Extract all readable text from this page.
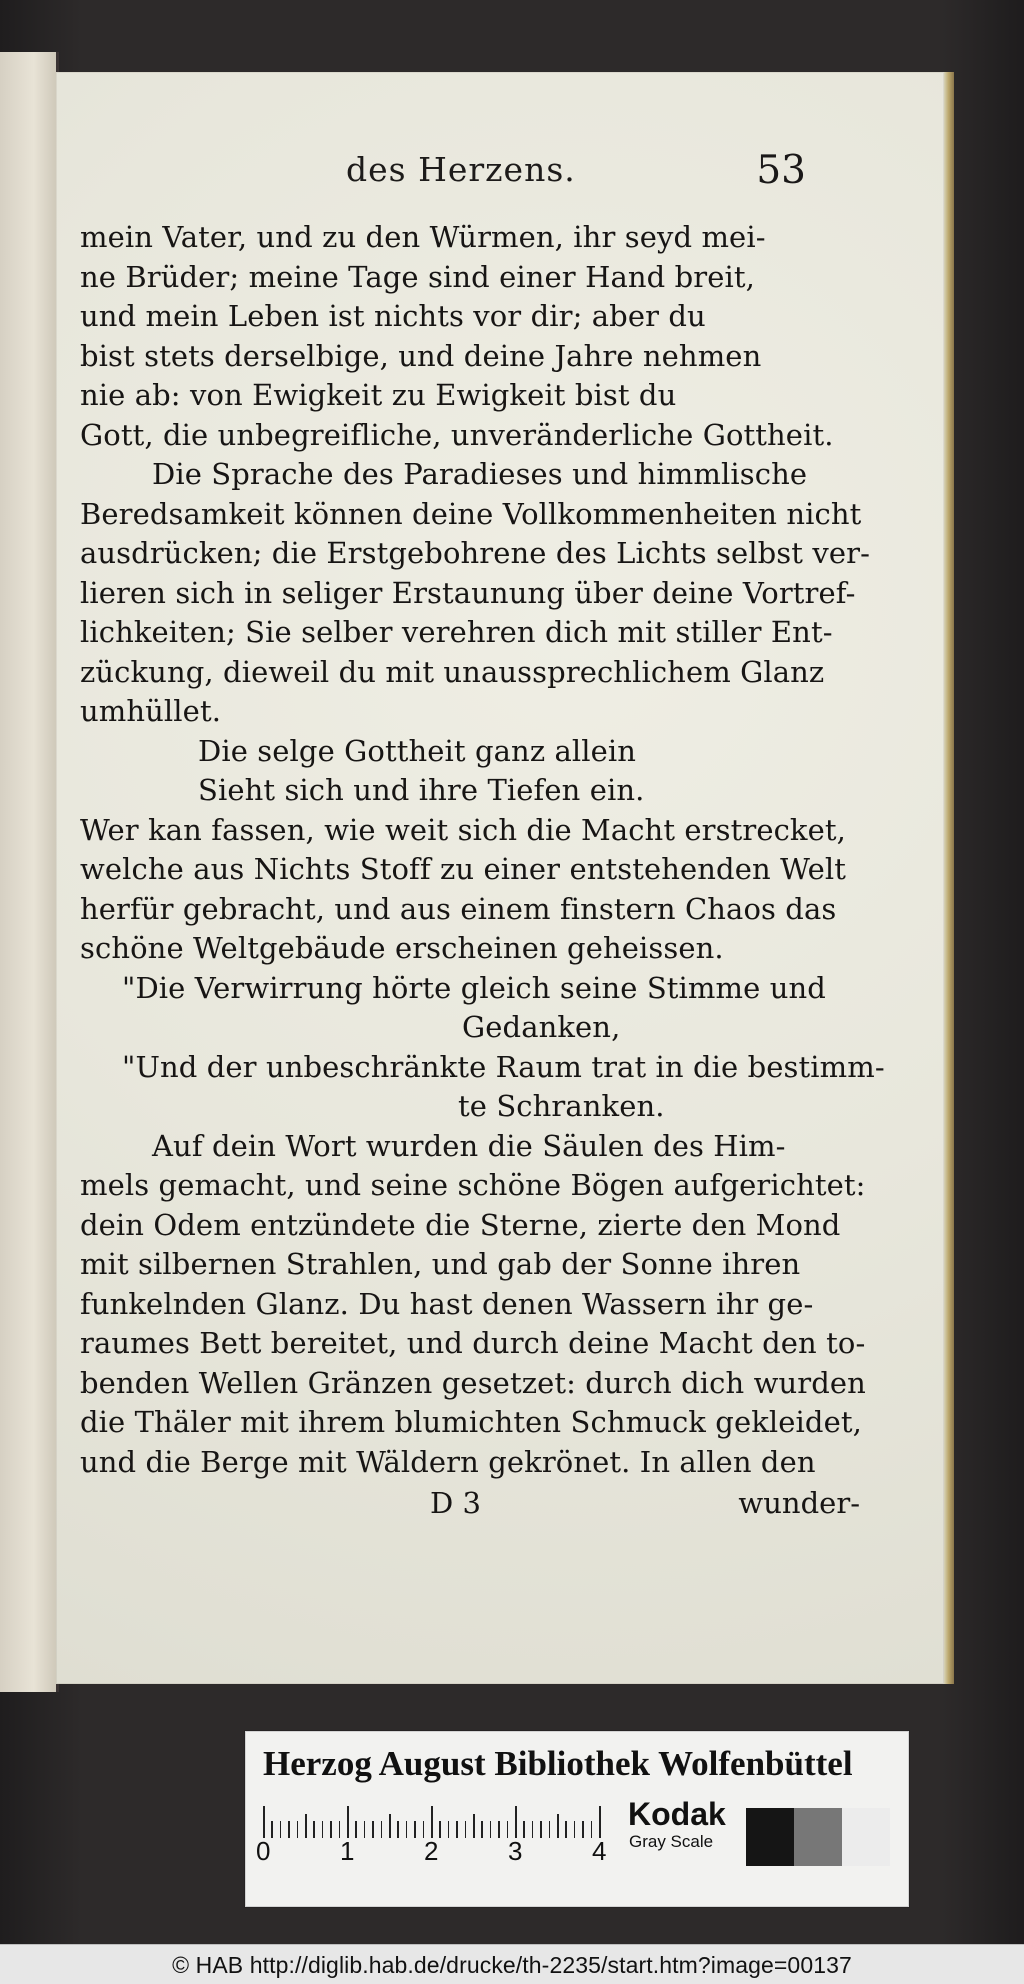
des Herzens.	53
mein Vater, und zu den Würmen, ihr seyd mei-
ne Brüder; meine Tage sind einer Hand breit,
und mein Leben ist nichts vor dir; aber du
bist stets derselbige, und deine Jahre nehmen
nie ab: von Ewigkeit zu Ewigkeit bist du
Gott, die unbegreifliche, unveränderliche Gottheit.
Die Sprache des Paradieses und himmlische
Beredsamkeit können deine Vollkommenheiten nicht
ausdrücken; die Erstgebohrene des Lichts selbst ver-
lieren sich in seliger Erstaunung über deine Vortref-
lichkeiten; Sie selber verehren dich mit stiller Ent-
zückung, dieweil du mit unaussprechlichem Glanz
umhüllet.
Die selge Gottheit ganz allein
Sieht sich und ihre Tiefen ein.
Wer kan fassen, wie weit sich die Macht erstrecket,
welche aus Nichts Stoff zu einer entstehenden Welt
herfür gebracht, und aus einem finstern Chaos das
schöne Weltgebäude erscheinen geheissen.
"Die Verwirrung hörte gleich seine Stimme und
Gedanken,
"Und der unbeschränkte Raum trat in die bestimm-
te Schranken.
Auf dein Wort wurden die Säulen des Him-
mels gemacht, und seine schöne Bögen aufgerichtet:
dein Odem entzündete die Sterne, zierte den Mond
mit silbernen Strahlen, und gab der Sonne ihren
funkelnden Glanz. Du hast denen Wassern ihr ge-
raumes Bett bereitet, und durch deine Macht den to-
benden Wellen Gränzen gesetzet: durch dich wurden
die Thäler mit ihrem blumichten Schmuck gekleidet,
und die Berge mit Wäldern gekrönet. In allen den
D 3	wunder-
Herzog August Bibliothek Wolfenbüttel
0	1	2	3	4
Kodak
Gray Scale
© HAB http://diglib.hab.de/drucke/th-2235/start.htm?image=00137
